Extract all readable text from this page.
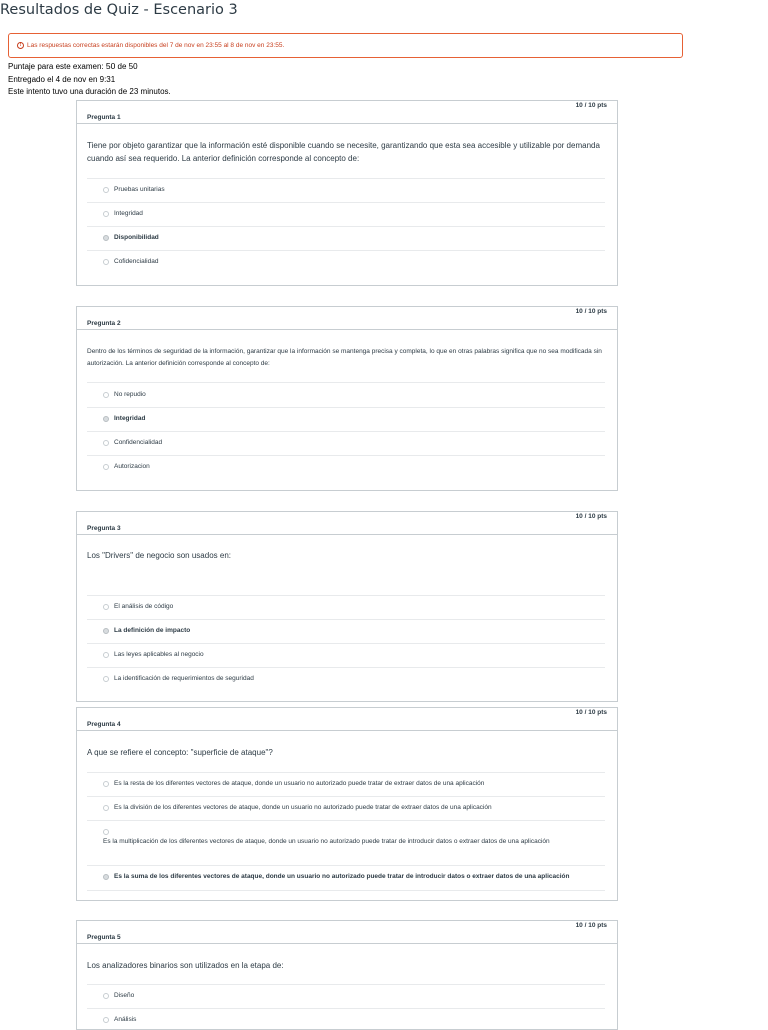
Resultados de Quiz - Escenario 3
! Las respuestas correctas estarán disponibles del 7 de nov en 23:55 al 8 de nov en 23:55.
Puntaje para este examen: 50 de 50
Entregado el 4 de nov en 9:31
Este intento tuvo una duración de 23 minutos.
Pregunta 1
10 / 10 pts
Tiene por objeto garantizar que la información esté disponible cuando se necesite, garantizando que esta sea accesible y utilizable por demanda cuando así sea requerido. La anterior definición corresponde al concepto de:
Pruebas unitarias
Integridad
Disponibilidad
Cofidencialidad
Pregunta 2
10 / 10 pts
Dentro de los términos de seguridad de la información, garantizar que la información se mantenga precisa y completa, lo que en otras palabras significa que no sea modificada sin autorización. La anterior definición corresponde al concepto de:
No repudio
Integridad
Confidencialidad
Autorizacion
Pregunta 3
10 / 10 pts
Los "Drivers" de negocio son usados en:
El análisis de código
La definición de impacto
Las leyes aplicables al negocio
La identificación de requerimientos de seguridad
Pregunta 4
10 / 10 pts
A que se refiere el concepto: "superficie de ataque"?
Es la resta de los diferentes vectores de ataque, donde un usuario no autorizado puede tratar de extraer datos de una aplicación
Es la división de los diferentes vectores de ataque, donde un usuario no autorizado puede tratar de extraer datos de una aplicación
Es la multiplicación de los diferentes vectores de ataque, donde un usuario no autorizado puede tratar de introducir datos o extraer datos de una aplicación
Es la suma de los diferentes vectores de ataque, donde un usuario no autorizado puede tratar de introducir datos o extraer datos de una aplicación
Pregunta 5
10 / 10 pts
Los analizadores binarios son utilizados en la etapa de:
Diseño
Análisis
